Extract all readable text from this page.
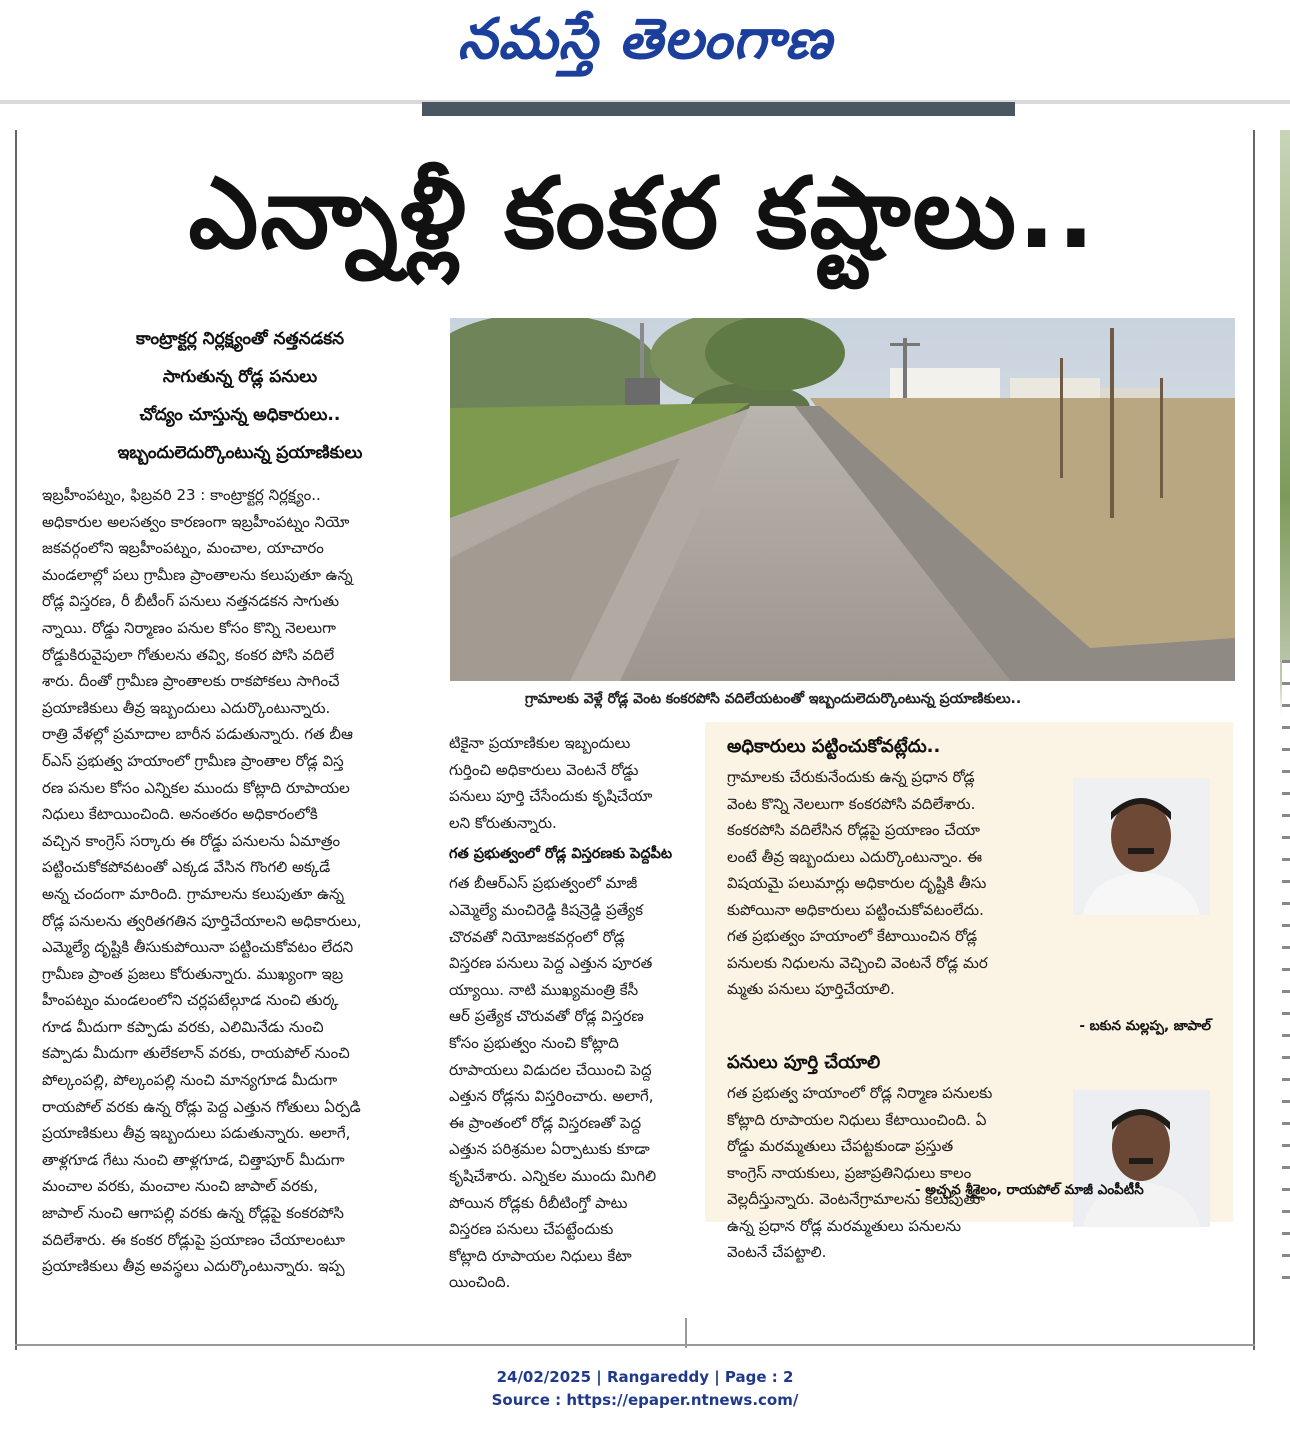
నమస్తే తెలంగాణ
ఎన్నాళ్లీ కంకర కష్టాలు..
కాంట్రాక్టర్ల నిర్లక్ష్యంతో నత్తనడకన
సాగుతున్న రోడ్ల పనులు
చోద్యం చూస్తున్న అధికారులు..
ఇబ్బందులెదుర్కొంటున్న ప్రయాణికులు
ఇబ్రహీంపట్నం, ఫిబ్రవరి 23 : కాంట్రాక్టర్ల నిర్లక్ష్యం..
అధికారుల అలసత్వం కారణంగా ఇబ్రహీంపట్నం నియో
జకవర్గంలోని ఇబ్రహీంపట్నం, మంచాల, యాచారం
మండలాల్లో పలు గ్రామీణ ప్రాంతాలను కలుపుతూ ఉన్న
రోడ్ల విస్తరణ, రీ బీటీంగ్ పనులు నత్తనడకన సాగుతు
న్నాయి. రోడ్డు నిర్మాణం పనుల కోసం కొన్ని నెలలుగా
రోడ్డుకిరువైపులా గోతులను తవ్వి, కంకర పోసి వదిలే
శారు. దీంతో గ్రామీణ ప్రాంతాలకు రాకపోకలు సాగించే
ప్రయాణికులు తీవ్ర ఇబ్బందులు ఎదుర్కొంటున్నారు.
రాత్రి వేళల్లో ప్రమాదాల బారీన పడుతున్నారు. గత బీఆ
ర్ఎస్ ప్రభుత్వ హయాంలో గ్రామీణ ప్రాంతాల రోడ్ల విస్త
రణ పనుల కోసం ఎన్నికల ముందు కోట్లాది రూపాయల
నిధులు కేటాయించింది. అనంతరం అధికారంలోకి
వచ్చిన కాంగ్రెస్ సర్కారు ఈ రోడ్డు పనులను ఏమాత్రం
పట్టించుకోకపోవటంతో ఎక్కడ వేసిన గొంగలి అక్కడే
అన్న చందంగా మారింది. గ్రామాలను కలుపుతూ ఉన్న
రోడ్ల పనులను త్వరితగతిన పూర్తిచేయాలని అధికారులు,
ఎమ్మెల్యే దృష్టికి తీసుకుపోయినా పట్టించుకోవటం లేదని
గ్రామీణ ప్రాంత ప్రజలు కోరుతున్నారు. ముఖ్యంగా ఇబ్ర
హీంపట్నం మండలంలోని చర్లపటేల్గూడ నుంచి తుర్క
గూడ మీదుగా కప్పాడు వరకు, ఎలిమినేడు నుంచి
కప్పాడు మీదుగా తులేకలాన్ వరకు, రాయపోల్ నుంచి
పోల్కంపల్లి, పోల్కంపల్లి నుంచి మాన్యగూడ మీదుగా
రాయపోల్ వరకు ఉన్న రోడ్లు పెద్ద ఎత్తున గోతులు ఏర్పడి
ప్రయాణికులు తీవ్ర ఇబ్బందులు పడుతున్నారు. అలాగే,
తాళ్లగూడ గేటు నుంచి తాళ్లగూడ, చిత్తాపూర్ మీదుగా
మంచాల వరకు, మంచాల నుంచి జాపాల్ వరకు,
జాపాల్ నుంచి ఆగాపల్లి వరకు ఉన్న రోడ్లపై కంకరపోసి
వదిలేశారు. ఈ కంకర రోడ్లుపై ప్రయాణం చేయాలంటూ
ప్రయాణికులు తీవ్ర అవస్థలు ఎదుర్కొంటున్నారు. ఇప్ప
గ్రామాలకు వెళ్లే రోడ్ల వెంట కంకరపోసి వదిలేయటంతో ఇబ్బందులెదుర్కొంటున్న ప్రయాణికులు..
టికైనా ప్రయాణికుల ఇబ్బందులు
గుర్తించి అధికారులు వెంటనే రోడ్డు
పనులు పూర్తి చేసేందుకు కృషిచేయా
లని కోరుతున్నారు.
గత ప్రభుత్వంలో రోడ్ల విస్తరణకు పెద్దపీట
గత బీఆర్ఎస్ ప్రభుత్వంలో మాజీ
ఎమ్మెల్యే మంచిరెడ్డి కిషన్రెడ్డి ప్రత్యేక
చొరవతో నియోజకవర్గంలో రోడ్ల
విస్తరణ పనులు పెద్ద ఎత్తున పూరత
య్యాయి. నాటి ముఖ్యమంత్రి కేసీ
ఆర్ ప్రత్యేక చొరువతో రోడ్ల విస్తరణ
కోసం ప్రభుత్వం నుంచి కోట్లాది
రూపాయలు విడుదల చేయించి పెద్ద
ఎత్తున రోడ్లను విస్తరించారు. అలాగే,
ఈ ప్రాంతంలో రోడ్ల విస్తరణతో పెద్ద
ఎత్తున పరిశ్రమల ఏర్పాటుకు కూడా
కృషిచేశారు. ఎన్నికల ముందు మిగిలి
పోయిన రోడ్లకు రీబీటింగ్తో పాటు
విస్తరణ పనులు చేపట్టేందుకు
కోట్లాది రూపాయల నిధులు కేటా
యించింది.
అధికారులు పట్టించుకోవట్లేదు..
గ్రామాలకు చేరుకునేందుకు ఉన్న ప్రధాన రోడ్ల
వెంట కొన్ని నెలలుగా కంకరపోసి వదిలేశారు.
కంకరపోసి వదిలేసిన రోడ్లపై ప్రయాణం చేయా
లంటే తీవ్ర ఇబ్బందులు ఎదుర్కొంటున్నాం. ఈ
విషయమై పలుమార్లు అధికారుల దృష్టికి తీసు
కుపోయినా అధికారులు పట్టించుకోవటంలేదు.
గత ప్రభుత్వం హయాంలో కేటాయించిన రోడ్ల
పనులకు నిధులను వెచ్చించి వెంటనే రోడ్ల మర
మ్మతు పనులు పూర్తిచేయాలి.
- బకున మల్లప్ప, జాపాల్
పనులు పూర్తి చేయాలి
గత ప్రభుత్వ హయాంలో రోడ్ల నిర్మాణ పనులకు
కోట్లాది రూపాయల నిధులు కేటాయించింది. ఏ
రోడ్డు మరమ్మతులు చేపట్టకుండా ప్రస్తుత
కాంగ్రెస్ నాయకులు, ప్రజాప్రతినిధులు కాలం
వెల్లదీస్తున్నారు. వెంటనేగ్రామాలను కలుపుతూ
ఉన్న ప్రధాన రోడ్ల మరమ్మతులు పనులను
వెంటనే చేపట్టాలి.
- అచ్చన శ్రీశైలం, రాయపోల్ మాజీ ఎంపీటీసీ
24/02/2025 | Rangareddy | Page : 2
Source : https://epaper.ntnews.com/
